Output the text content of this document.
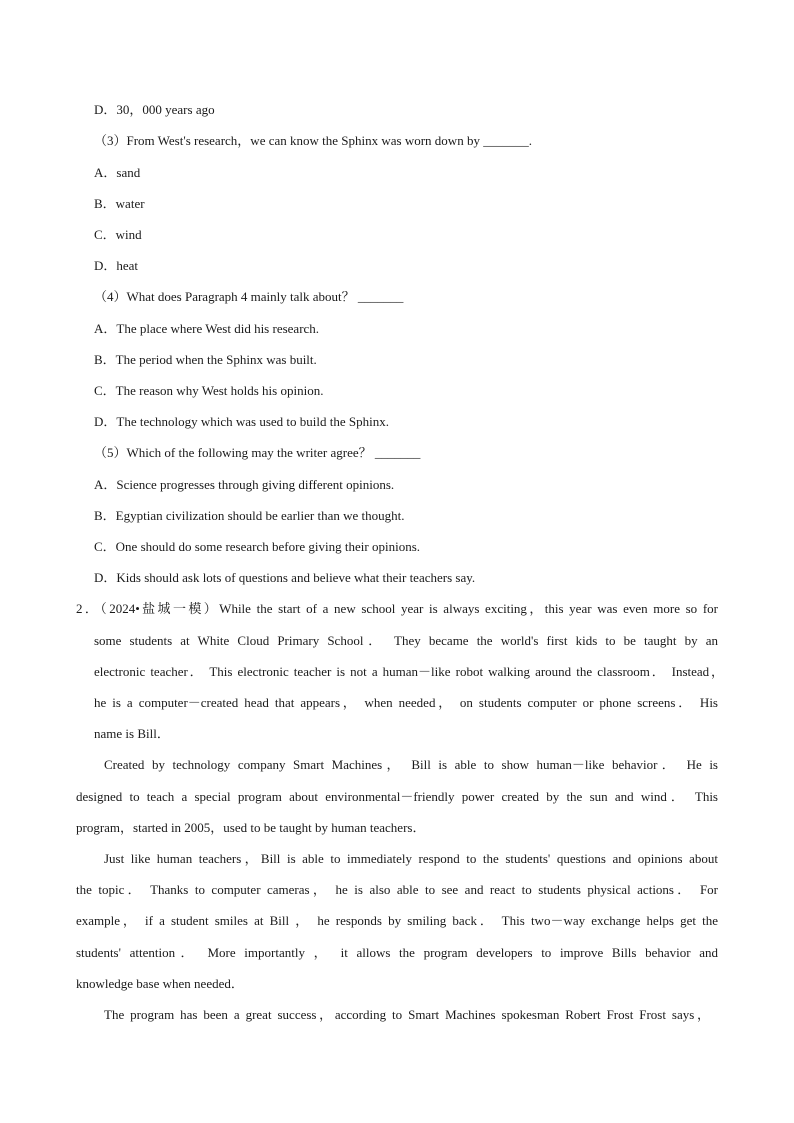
D．30，000 years ago
（3）From West's research，we can know the Sphinx was worn down by _______.
A．sand
B．water
C．wind
D．heat
（4）What does Paragraph 4 mainly talk about？ _______
A．The place where West did his research.
B．The period when the Sphinx was built.
C．The reason why West holds his opinion.
D．The technology which was used to build the Sphinx.
（5）Which of the following may the writer agree？ _______
A．Science progresses through giving different opinions.
B．Egyptian civilization should be earlier than we thought.
C．One should do some research before giving their opinions.
D．Kids should ask lots of questions and believe what their teachers say.
2．（2024•盐城一模）While the start of a new school year is always exciting，this year was even more so for
some students at White Cloud Primary School． They became the world's first kids to be taught by an
electronic teacher． This electronic teacher is not a human－like robot walking around the classroom． Instead，
he is a computer－created head that appears， when needed， on students computer or phone screens． His
name is Bill．
Created by technology company Smart Machines， Bill is able to show human－like behavior． He is
designed to teach a special program about environmental－friendly power created by the sun and wind． This
program，started in 2005，used to be taught by human teachers．
Just like human teachers，Bill is able to immediately respond to the students' questions and opinions about
the topic． Thanks to computer cameras， he is also able to see and react to students physical actions． For
example， if a student smiles at Bill ， he responds by smiling back． This two－way exchange helps get the
students' attention． More importantly ， it allows the program developers to improve Bills behavior and
knowledge base when needed．
The program has been a great success，according to Smart Machines spokesman Robert Frost Frost says，
